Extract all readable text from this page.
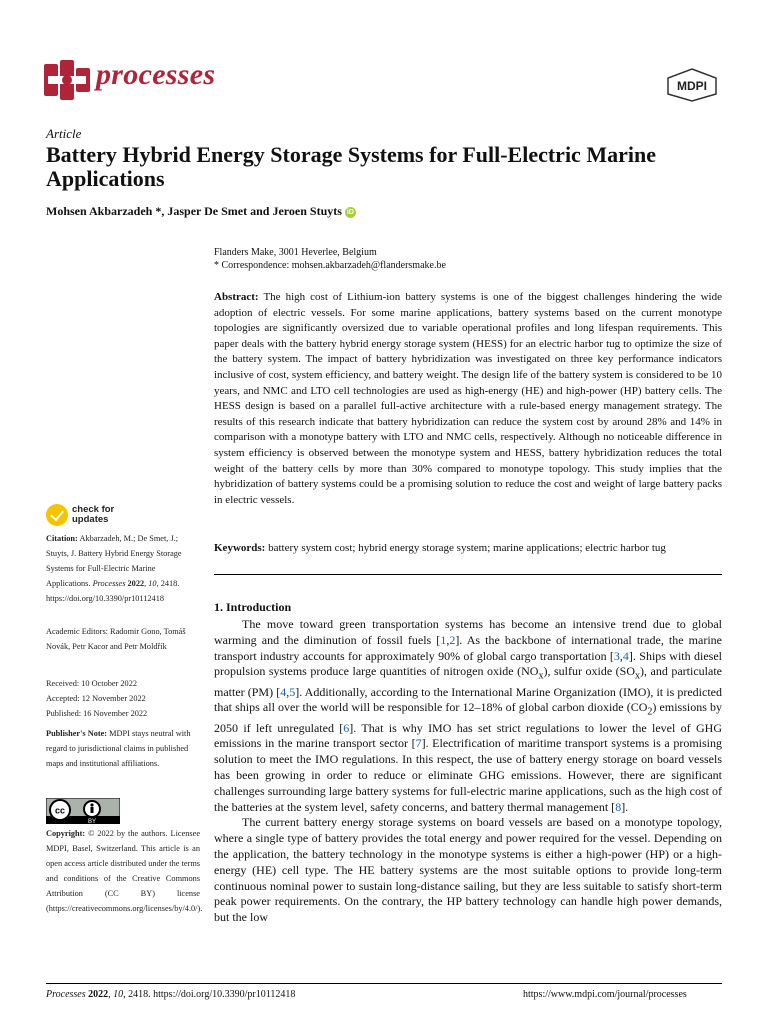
processes	MDPI
Article
Battery Hybrid Energy Storage Systems for Full-Electric Marine Applications
Mohsen Akbarzadeh *, Jasper De Smet and Jeroen Stuyts iD
Flanders Make, 3001 Heverlee, Belgium
* Correspondence: mohsen.akbarzadeh@flandersmake.be
Abstract: The high cost of Lithium-ion battery systems is one of the biggest challenges hindering the wide adoption of electric vessels. For some marine applications, battery systems based on the current monotype topologies are significantly oversized due to variable operational profiles and long lifespan requirements. This paper deals with the battery hybrid energy storage system (HESS) for an electric harbor tug to optimize the size of the battery system. The impact of battery hybridization was investigated on three key performance indicators inclusive of cost, system efficiency, and battery weight. The design life of the battery system is considered to be 10 years, and NMC and LTO cell technologies are used as high-energy (HE) and high-power (HP) battery cells. The HESS design is based on a parallel full-active architecture with a rule-based energy management strategy. The results of this research indicate that battery hybridization can reduce the system cost by around 28% and 14% in comparison with a monotype battery with LTO and NMC cells, respectively. Although no noticeable difference in system efficiency is observed between the monotype system and HESS, battery hybridization reduces the total weight of the battery cells by more than 30% compared to monotype topology. This study implies that the hybridization of battery systems could be a promising solution to reduce the cost and weight of large battery packs in electric vessels.
Keywords: battery system cost; hybrid energy storage system; marine applications; electric harbor tug
check for
updates
Citation: Akbarzadeh, M.; De Smet, J.; Stuyts, J. Battery Hybrid Energy Storage Systems for Full-Electric Marine Applications. Processes 2022, 10, 2418. https://doi.org/10.3390/pr10112418
Academic Editors: Radomir Gono, Tomáš Novák, Petr Kacor and Petr Moldřík
Received: 10 October 2022
Accepted: 12 November 2022
Published: 16 November 2022
Publisher's Note: MDPI stays neutral with regard to jurisdictional claims in published maps and institutional affiliations.
cc
BY
Copyright: © 2022 by the authors. Licensee MDPI, Basel, Switzerland. This article is an open access article distributed under the terms and conditions of the Creative Commons Attribution (CC BY) license (https://creativecommons.org/licenses/by/4.0/).
1. Introduction

The move toward green transportation systems has become an intensive trend due to global warming and the diminution of fossil fuels [1,2]. As the backbone of international trade, the marine transport industry accounts for approximately 90% of global cargo transportation [3,4]. Ships with diesel propulsion systems produce large quantities of nitrogen oxide $(NO_x)$, sulfur oxide $(SO_x)$, and particulate matter (PM) [4,5]. Additionally, according to the International Marine Organization (IMO), it is predicted that ships all over the world will be responsible for 12–18% of global carbon dioxide $(CO_2)$ emissions by 2050 if left unregulated [6]. That is why IMO has set strict regulations to lower the level of GHG emissions in the marine transport sector [7]. Electrification of maritime transport systems is a promising solution to meet the IMO regulations. In this respect, the use of battery energy storage on board vessels has been growing in order to reduce or eliminate GHG emissions. However, there are significant challenges surrounding large battery systems for full-electric marine applications, such as the high cost of the batteries at the system level, safety concerns, and battery thermal management [8].

The current battery energy storage systems on board vessels are based on a monotype topology, where a single type of battery provides the total energy and power required for the vessel. Depending on the application, the battery technology in the monotype systems is either a high-power (HP) or a high-energy (HE) cell type. The HE battery systems are the most suitable options to provide long-term continuous nominal power to sustain long-distance sailing, but they are less suitable to satisfy short-term peak power requirements. On the contrary, the HP battery technology can handle high power demands, but the low

Processes 2022, 10, 2418. https://doi.org/10.3390/pr10112418	https://www.mdpi.com/journal/processes
